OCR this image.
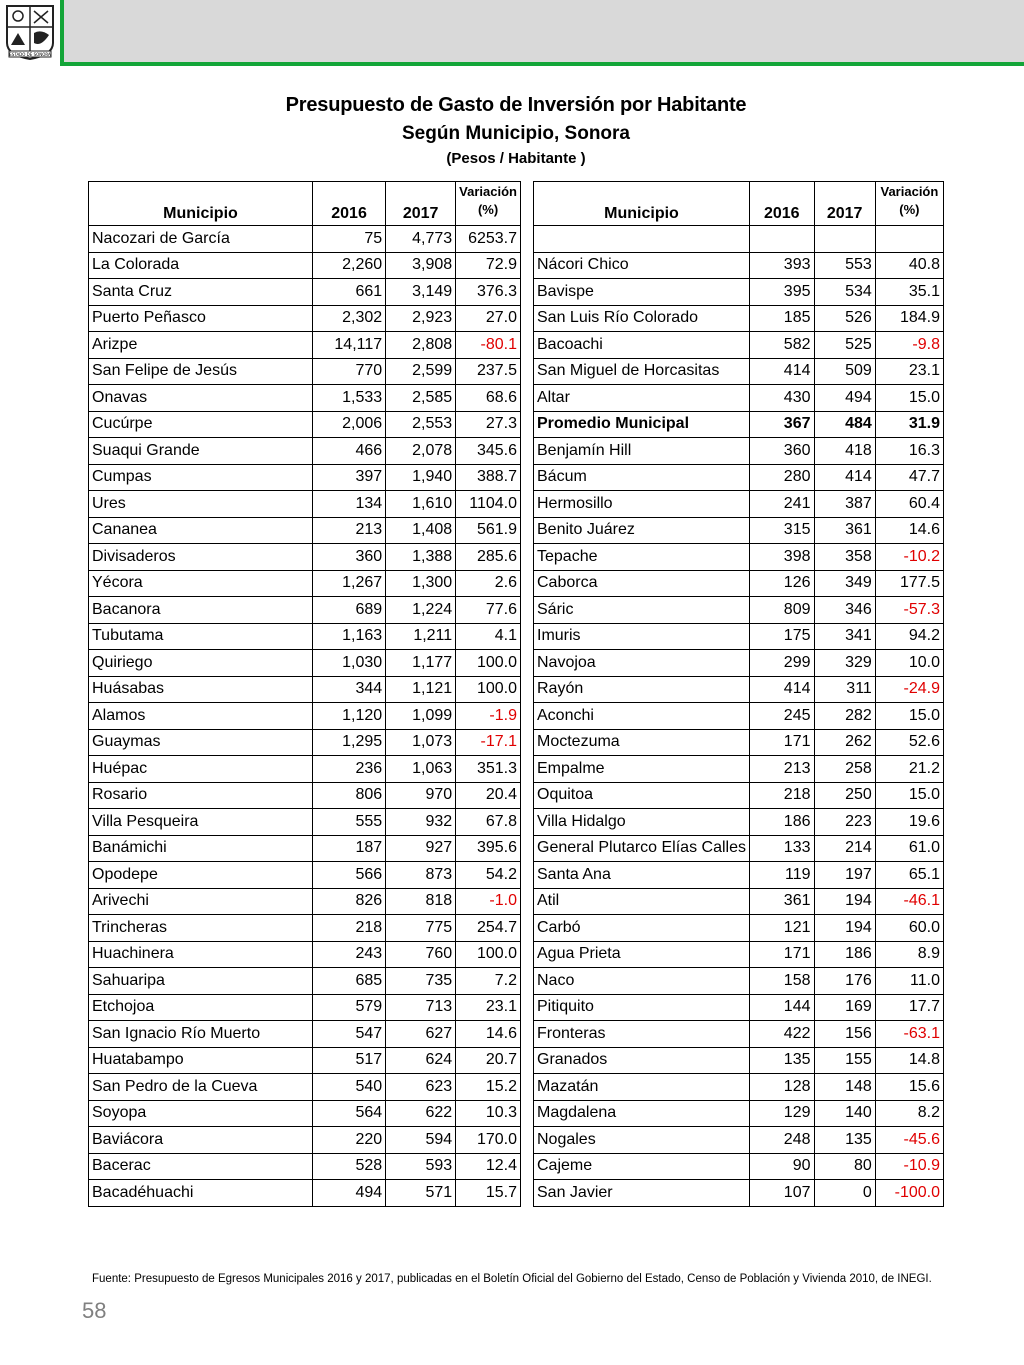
ESTADO DE SONORA
Presupuesto de Gasto de Inversión por Habitante
Según Municipio, Sonora
(Pesos / Habitante )
Municipio	2016	2017	Variación
(%)
Nacozari de García	75	4,773	6253.7
La Colorada	2,260	3,908	72.9
Santa Cruz	661	3,149	376.3
Puerto Peñasco	2,302	2,923	27.0
Arizpe	14,117	2,808	-80.1
San Felipe de Jesús	770	2,599	237.5
Onavas	1,533	2,585	68.6
Cucúrpe	2,006	2,553	27.3
Suaqui Grande	466	2,078	345.6
Cumpas	397	1,940	388.7
Ures	134	1,610	1104.0
Cananea	213	1,408	561.9
Divisaderos	360	1,388	285.6
Yécora	1,267	1,300	2.6
Bacanora	689	1,224	77.6
Tubutama	1,163	1,211	4.1
Quiriego	1,030	1,177	100.0
Huásabas	344	1,121	100.0
Alamos	1,120	1,099	-1.9
Guaymas	1,295	1,073	-17.1
Huépac	236	1,063	351.3
Rosario	806	970	20.4
Villa Pesqueira	555	932	67.8
Banámichi	187	927	395.6
Opodepe	566	873	54.2
Arivechi	826	818	-1.0
Trincheras	218	775	254.7
Huachinera	243	760	100.0
Sahuaripa	685	735	7.2
Etchojoa	579	713	23.1
San Ignacio Río Muerto	547	627	14.6
Huatabampo	517	624	20.7
San Pedro de la Cueva	540	623	15.2
Soyopa	564	622	10.3
Baviácora	220	594	170.0
Bacerac	528	593	12.4
Bacadéhuachi	494	571	15.7
Municipio	2016	2017	Variación
(%)

Nácori Chico	393	553	40.8
Bavispe	395	534	35.1
San Luis Río Colorado	185	526	184.9
Bacoachi	582	525	-9.8
San Miguel de Horcasitas	414	509	23.1
Altar	430	494	15.0
Promedio Municipal	367	484	31.9
Benjamín Hill	360	418	16.3
Bácum	280	414	47.7
Hermosillo	241	387	60.4
Benito Juárez	315	361	14.6
Tepache	398	358	-10.2
Caborca	126	349	177.5
Sáric	809	346	-57.3
Imuris	175	341	94.2
Navojoa	299	329	10.0
Rayón	414	311	-24.9
Aconchi	245	282	15.0
Moctezuma	171	262	52.6
Empalme	213	258	21.2
Oquitoa	218	250	15.0
Villa Hidalgo	186	223	19.6
General Plutarco Elías Calles	133	214	61.0
Santa Ana	119	197	65.1
Atil	361	194	-46.1
Carbó	121	194	60.0
Agua Prieta	171	186	8.9
Naco	158	176	11.0
Pitiquito	144	169	17.7
Fronteras	422	156	-63.1
Granados	135	155	14.8
Mazatán	128	148	15.6
Magdalena	129	140	8.2
Nogales	248	135	-45.6
Cajeme	90	80	-10.9
San Javier	107	0	-100.0
Fuente: Presupuesto de Egresos Municipales 2016 y 2017, publicadas en el Boletín Oficial del Gobierno del Estado, Censo de Población y Vivienda 2010, de INEGI.
58
